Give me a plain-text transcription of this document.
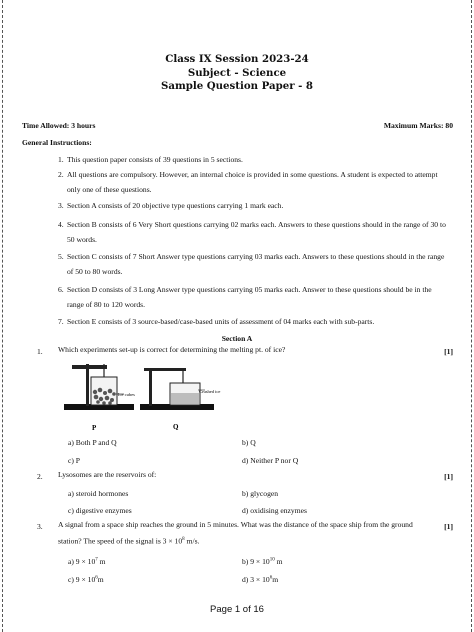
Class IX Session 2023-24
Subject - Science
Sample Question Paper - 8
Time Allowed: 3 hours	Maximum Marks: 80
General Instructions:
1. This question paper consists of 39 questions in 5 sections.
2. All questions are compulsory. However, an internal choice is provided in some questions. A student is expected to attempt only one of these questions.
3. Section A consists of 20 objective type questions carrying 1 mark each.
4. Section B consists of 6 Very Short questions carrying 02 marks each. Answers to these questions should in the range of 30 to 50 words.
5. Section C consists of 7 Short Answer type questions carrying 03 marks each. Answers to these questions should in the range of 50 to 80 words.
6. Section D consists of 3 Long Answer type questions carrying 05 marks each. Answer to these questions should be in the range of 80 to 120 words.
7. Section E consists of 3 source-based/case-based units of assessment of 04 marks each with sub-parts.
Section A
1. Which experiments set-up is correct for determining the melting pt. of ice?	[1]
Ice cubes
P
Crushed ice
Q
a) Both P and Q	b) Q
c) P	d) Neither P nor Q
2. Lysosomes are the reservoirs of:	[1]
a) steroid hormones	b) glycogen
c) digestive enzymes	d) oxidising enzymes
3. A signal from a space ship reaches the ground in 5 minutes. What was the distance of the space ship from the ground station? The speed of the signal is $3 \times 10^8$ m/s.
[1]
a) $9 \times 10^7$ m	b) $9 \times 10^{10}$ m
c) $9 \times 10^6m$	d) $3 \times 10^6m$
Page 1 of 16
